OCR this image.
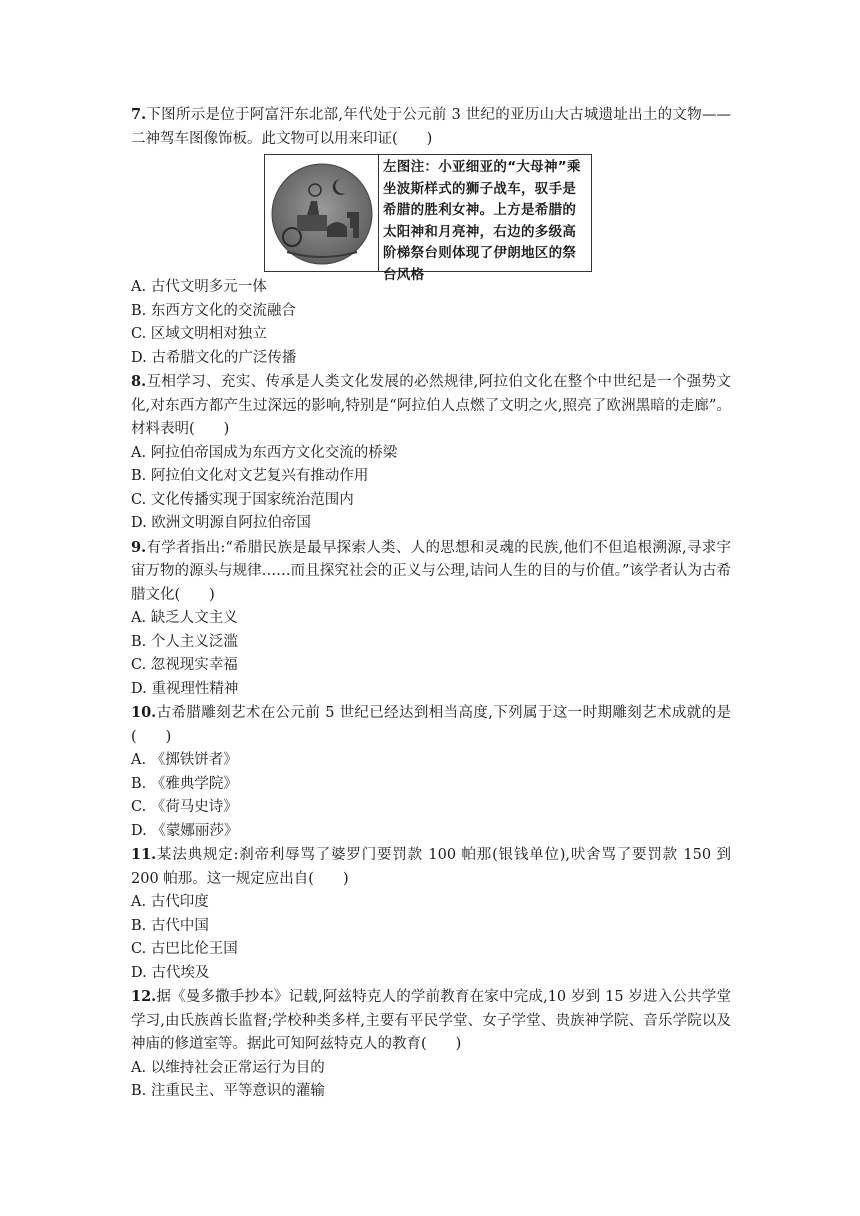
7.下图所示是位于阿富汗东北部,年代处于公元前 3 世纪的亚历山大古城遗址出土的文物——二神驾车图像饰板。此文物可以用来印证(　　)

左图注：小亚细亚的“大母神”乘坐波斯样式的狮子战车，驭手是希腊的胜利女神。上方是希腊的太阳神和月亮神，右边的多级高阶梯祭台则体现了伊朗地区的祭台风格

A. 古代文明多元一体

B. 东西方文化的交流融合

C. 区域文明相对独立

D. 古希腊文化的广泛传播

8.互相学习、充实、传承是人类文化发展的必然规律,阿拉伯文化在整个中世纪是一个强势文化,对东西方都产生过深远的影响,特别是“阿拉伯人点燃了文明之火,照亮了欧洲黑暗的走廊”。材料表明(　　)

A. 阿拉伯帝国成为东西方文化交流的桥梁

B. 阿拉伯文化对文艺复兴有推动作用

C. 文化传播实现于国家统治范围内

D. 欧洲文明源自阿拉伯帝国

9.有学者指出:“希腊民族是最早探索人类、人的思想和灵魂的民族,他们不但追根溯源,寻求宇宙万物的源头与规律……而且探究社会的正义与公理,诘问人生的目的与价值。”该学者认为古希腊文化(　　)

A. 缺乏人文主义

B. 个人主义泛滥

C. 忽视现实幸福

D. 重视理性精神

10.古希腊雕刻艺术在公元前 5 世纪已经达到相当高度,下列属于这一时期雕刻艺术成就的是(　　)

A. 《掷铁饼者》

B. 《雅典学院》

C. 《荷马史诗》

D. 《蒙娜丽莎》

11.某法典规定:刹帝利辱骂了婆罗门要罚款 100 帕那(银钱单位),吠舍骂了要罚款 150 到 200 帕那。这一规定应出自(　　)

A. 古代印度

B. 古代中国

C. 古巴比伦王国

D. 古代埃及

12.据《曼多撒手抄本》记载,阿兹特克人的学前教育在家中完成,10 岁到 15 岁进入公共学堂学习,由氏族酋长监督;学校种类多样,主要有平民学堂、女子学堂、贵族神学院、音乐学院以及神庙的修道室等。据此可知阿兹特克人的教育(　　)

A. 以维持社会正常运行为目的

B. 注重民主、平等意识的灌输
